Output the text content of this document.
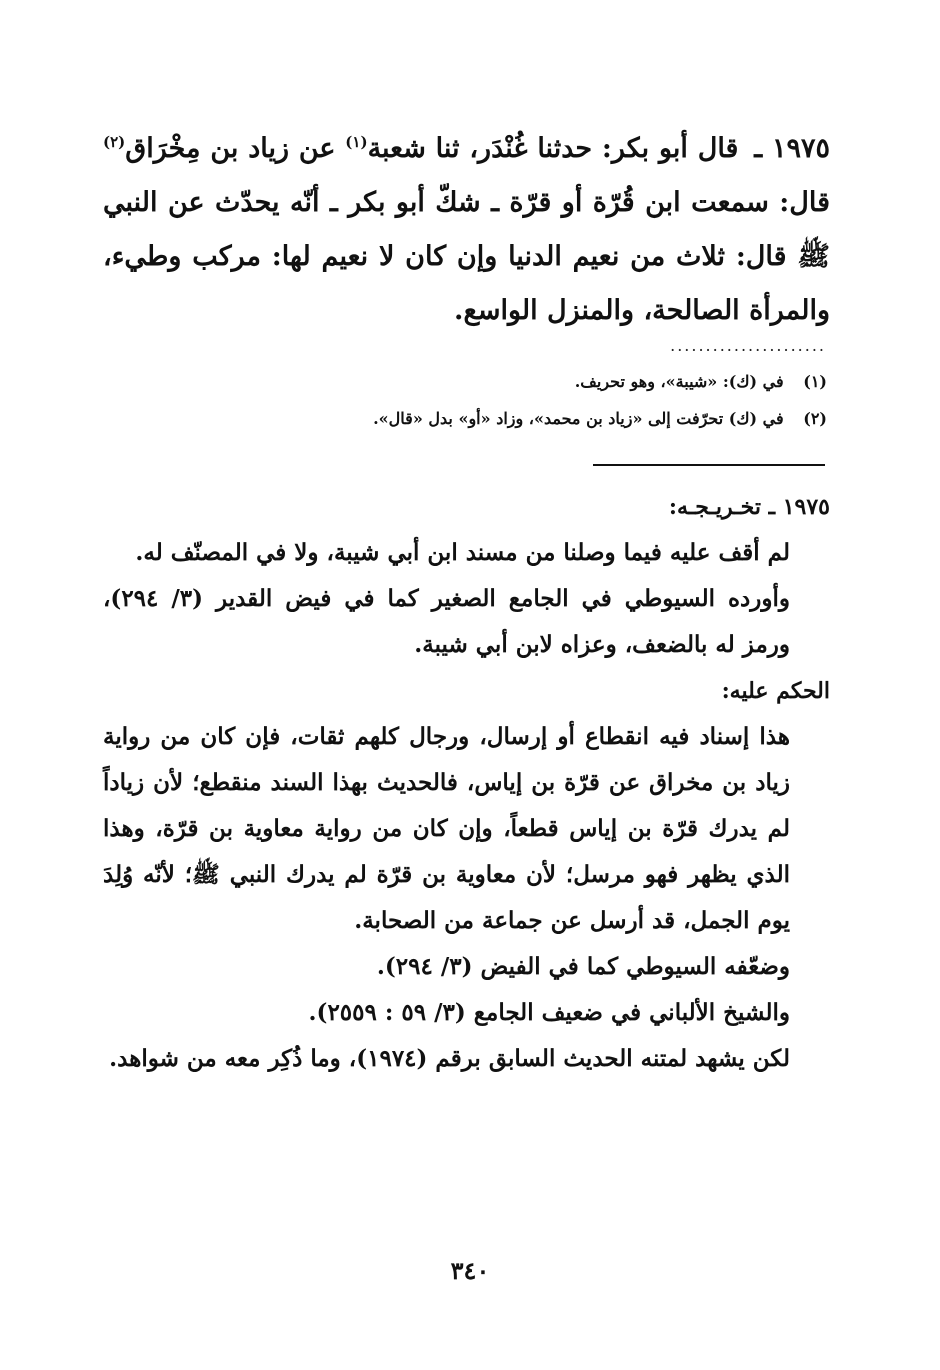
١٩٧٥ ـ قال أبو بكر: حدثنا غُنْدَر، ثنا شعبة$^{(١)}$ عن زياد بن مِخْرَاق$^{(٢)}$ قال: سمعت ابن قُرّة أو قرّة ـ شكّ أبو بكر ـ أنّه يحدّث عن النبي ﷺ قال: ثلاث من نعيم الدنيا وإن كان لا نعيم لها: مركب وطيء، والمرأة الصالحة، والمنزل الواسع.

......................
(١) في (ك): «شيبة»، وهو تحريف.
(٢) في (ك) تحرّفت إلى «زياد بن محمد»، وزاد «أو» بدل «قال».

١٩٧٥ ـ تخـريـجـه:

لم أقف عليه فيما وصلنا من مسند ابن أبي شيبة، ولا في المصنّف له.

وأورده السيوطي في الجامع الصغير كما في فيض القدير (٣/ ٢٩٤)، ورمز له بالضعف، وعزاه لابن أبي شيبة.

الحكم عليه:

هذا إسناد فيه انقطاع أو إرسال، ورجال كلهم ثقات، فإن كان من رواية زياد بن مخراق عن قرّة بن إياس، فالحديث بهذا السند منقطع؛ لأن زياداً لم يدرك قرّة بن إياس قطعاً، وإن كان من رواية معاوية بن قرّة، وهذا الذي يظهر فهو مرسل؛ لأن معاوية بن قرّة لم يدرك النبي ﷺ؛ لأنّه وُلِدَ يوم الجمل، قد أرسل عن جماعة من الصحابة.

وضعّفه السيوطي كما في الفيض (٣/ ٢٩٤).

والشيخ الألباني في ضعيف الجامع (٣/ ٥٩ : ٢٥٥٩).

لكن يشهد لمتنه الحديث السابق برقم (١٩٧٤)، وما ذُكِر معه من شواهد.

٣٤٠
